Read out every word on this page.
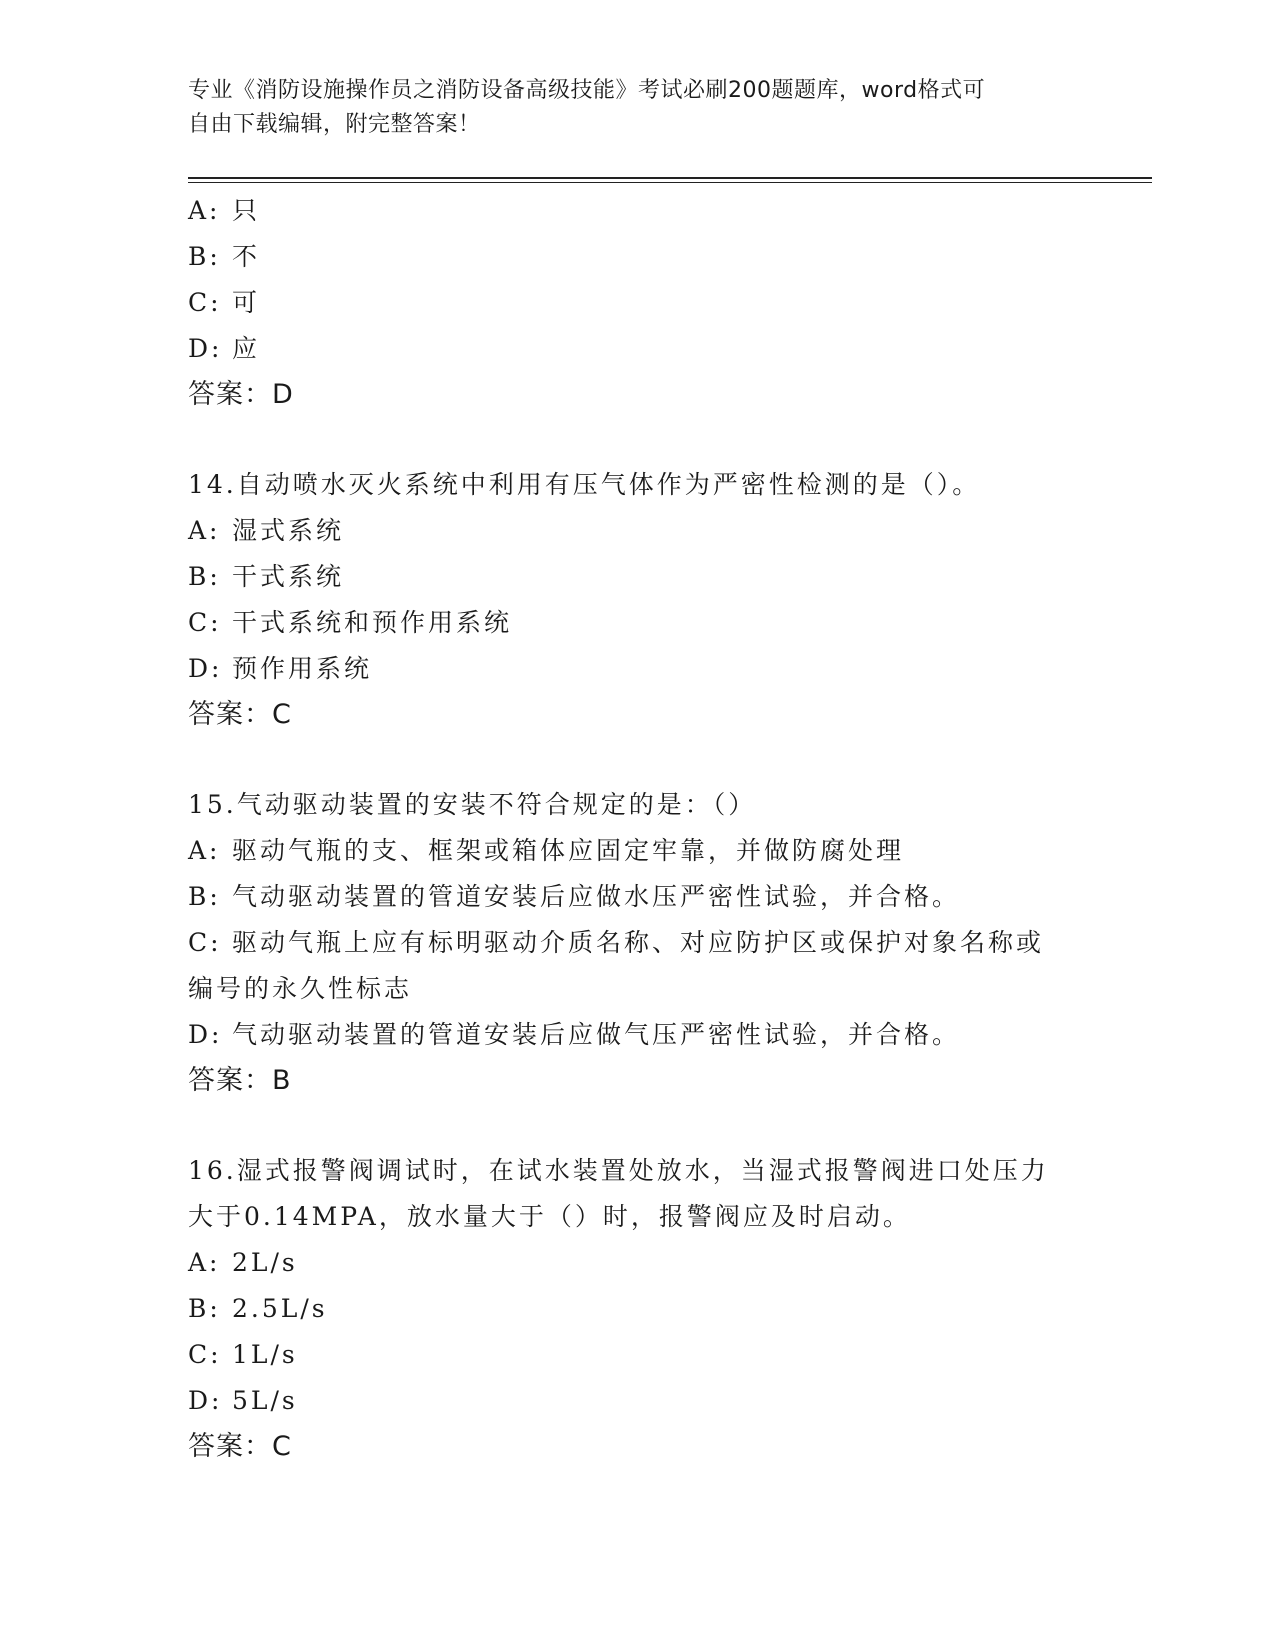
专业《消防设施操作员之消防设备高级技能》考试必刷200题题库，word格式可
自由下载编辑，附完整答案！
A: 只
B: 不
C: 可
D: 应
答案：D
14.自动喷水灭火系统中利用有压气体作为严密性检测的是（）。
A: 湿式系统
B: 干式系统
C: 干式系统和预作用系统
D: 预作用系统
答案：C
15.气动驱动装置的安装不符合规定的是：（）
A: 驱动气瓶的支、框架或箱体应固定牢靠，并做防腐处理
B: 气动驱动装置的管道安装后应做水压严密性试验，并合格。
C: 驱动气瓶上应有标明驱动介质名称、对应防护区或保护对象名称或
编号的永久性标志
D: 气动驱动装置的管道安装后应做气压严密性试验，并合格。
答案：B
16.湿式报警阀调试时，在试水装置处放水，当湿式报警阀进口处压力
大于0.14MPA，放水量大于（）时，报警阀应及时启动。
A: 2L/s
B: 2.5L/s
C: 1L/s
D: 5L/s
答案：C
